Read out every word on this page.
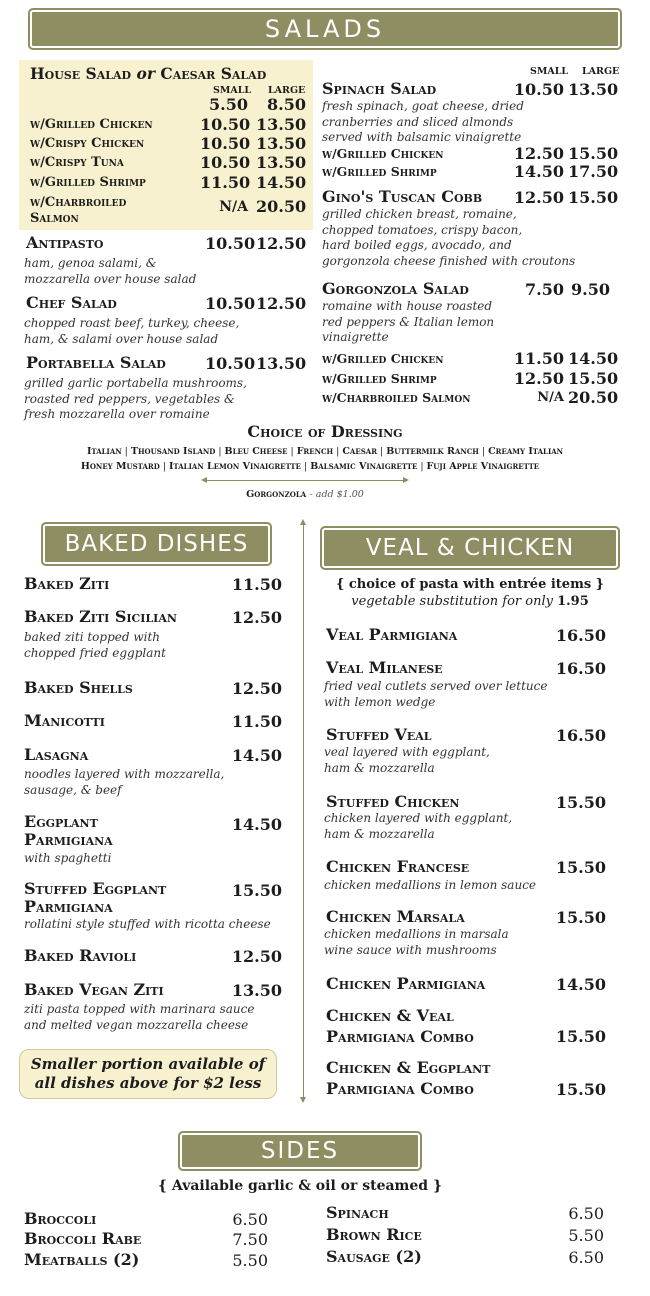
SALADS
House Salad or Caesar Salad
SMALL LARGE
5.50	8.50
w/Grilled Chicken	10.50 13.50
w/Crispy Chicken	10.50 13.50
w/Crispy Tuna	10.50 13.50
w/Grilled Shrimp	11.50 14.50
w/Charbroiled
Salmon
N/A 20.50
Antipasto	10.50 12.50
ham, genoa salami, &
mozzarella over house salad
Chef Salad	10.50 12.50
chopped roast beef, turkey, cheese,
ham, & salami over house salad
Portabella Salad 10.50 13.50
grilled garlic portabella mushrooms,
roasted red peppers, vegetables &
fresh mozzarella over romaine
SMALL LARGE
Spinach Salad	10.50 13.50
fresh spinach, goat cheese, dried
cranberries and sliced almonds
served with balsamic vinaigrette
w/Grilled Chicken	12.50 15.50
w/Grilled Shrimp	14.50 17.50
Gino's Tuscan Cobb 12.50 15.50
grilled chicken breast, romaine,
chopped tomatoes, crispy bacon,
hard boiled eggs, avocado, and
gorgonzola cheese finished with croutons
Gorgonzola Salad	7.50 9.50
romaine with house roasted
red peppers & Italian lemon
vinaigrette
w/Grilled Chicken	11.50 14.50
w/Grilled Shrimp	12.50 15.50
w/Charbroiled Salmon	N/A 20.50
Choice of Dressing
Italian | Thousand Island | Bleu Cheese | French | Caesar | Buttermilk Ranch | Creamy Italian
Honey Mustard | Italian Lemon Vinaigrette | Balsamic Vinaigrette | Fuji Apple Vinaigrette
Gorgonzola - add $1.00
BAKED DISHES
Baked Ziti	11.50
Baked Ziti Sicilian	12.50
baked ziti topped with
chopped fried eggplant
Baked Shells	12.50
Manicotti	11.50
Lasagna	14.50
noodles layered with mozzarella,
sausage, & beef
Eggplant
Parmigiana
14.50
with spaghetti
Stuffed Eggplant
Parmigiana
15.50
rollatini style stuffed with ricotta cheese
Baked Ravioli	12.50
Baked Vegan Ziti	13.50
ziti pasta topped with marinara sauce
and melted vegan mozzarella cheese
Smaller portion available of
all dishes above for $2 less
VEAL & CHICKEN
{ choice of pasta with entrée items }
vegetable substitution for only 1.95
Veal Parmigiana	16.50
Veal Milanese	16.50
fried veal cutlets served over lettuce
with lemon wedge
Stuffed Veal	16.50
veal layered with eggplant,
ham & mozzarella
Stuffed Chicken	15.50
chicken layered with eggplant,
ham & mozzarella
Chicken Francese	15.50
chicken medallions in lemon sauce
Chicken Marsala	15.50
chicken medallions in marsala
wine sauce with mushrooms
Chicken Parmigiana	14.50
Chicken & Veal
Parmigiana Combo	15.50
Chicken & Eggplant
Parmigiana Combo	15.50
SIDES
{ Available garlic & oil or steamed }
Broccoli	6.50
Broccoli Rabe	7.50
Meatballs (2)	5.50
Spinach	6.50
Brown Rice	5.50
Sausage (2)	6.50
